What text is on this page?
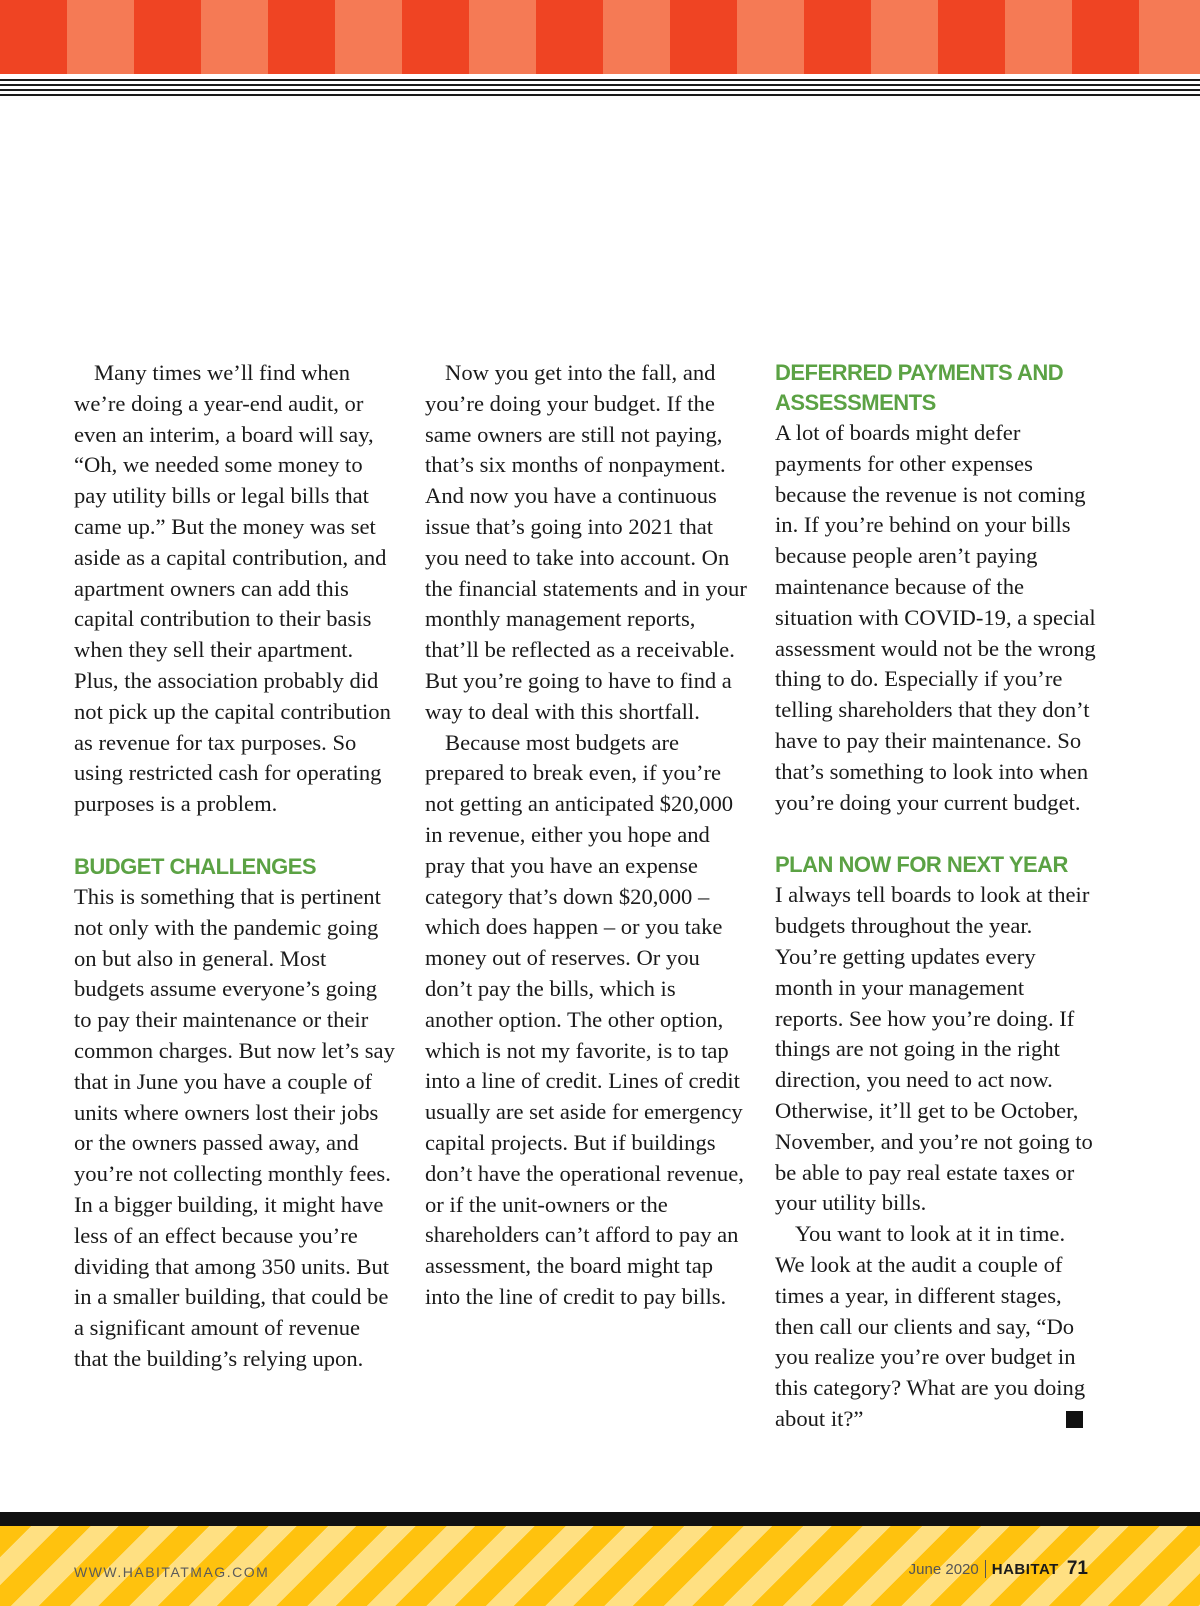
Many times we’ll find when we’re doing a year-end audit, or even an interim, a board will say, “Oh, we needed some money to pay utility bills or legal bills that came up.” But the money was set aside as a capital contribution, and apartment owners can add this capital contribution to their basis when they sell their apartment. Plus, the association probably did not pick up the capital contribution as revenue for tax purposes. So using restricted cash for operating purposes is a problem.

BUDGET CHALLENGES

This is something that is pertinent not only with the pandemic going on but also in general. Most budgets assume everyone’s going to pay their maintenance or their common charges. But now let’s say that in June you have a couple of units where owners lost their jobs or the owners passed away, and you’re not collecting monthly fees. In a bigger building, it might have less of an effect because you’re dividing that among 350 units. But in a smaller building, that could be a significant amount of revenue that the building’s relying upon.

Now you get into the fall, and you’re doing your budget. If the same owners are still not paying, that’s six months of nonpayment. And now you have a continuous issue that’s going into 2021 that you need to take into account. On the financial statements and in your monthly management reports, that’ll be reflected as a receivable. But you’re going to have to find a way to deal with this shortfall.

Because most budgets are prepared to break even, if you’re not getting an anticipated $20,000 in revenue, either you hope and pray that you have an expense category that’s down $20,000 – which does happen – or you take money out of reserves. Or you don’t pay the bills, which is another option. The other option, which is not my favorite, is to tap into a line of credit. Lines of credit usually are set aside for emergency capital projects. But if buildings don’t have the operational revenue, or if the unit-owners or the shareholders can’t afford to pay an assessment, the board might tap into the line of credit to pay bills.

DEFERRED PAYMENTS AND ASSESSMENTS

A lot of boards might defer payments for other expenses because the revenue is not coming in. If you’re behind on your bills because people aren’t paying maintenance because of the situation with COVID-19, a special assessment would not be the wrong thing to do. Especially if you’re telling shareholders that they don’t have to pay their maintenance. So that’s something to look into when you’re doing your current budget.

PLAN NOW FOR NEXT YEAR

I always tell boards to look at their budgets throughout the year. You’re getting updates every month in your management reports. See how you’re doing. If things are not going in the right direction, you need to act now. Otherwise, it’ll get to be October, November, and you’re not going to be able to pay real estate taxes or your utility bills.

You want to look at it in time. We look at the audit a couple of times a year, in different stages, then call our clients and say, “Do you realize you’re over budget in this category? What are you doing about it?”

WWW.HABITATMAG.COM	June 2020 HABITAT 71
